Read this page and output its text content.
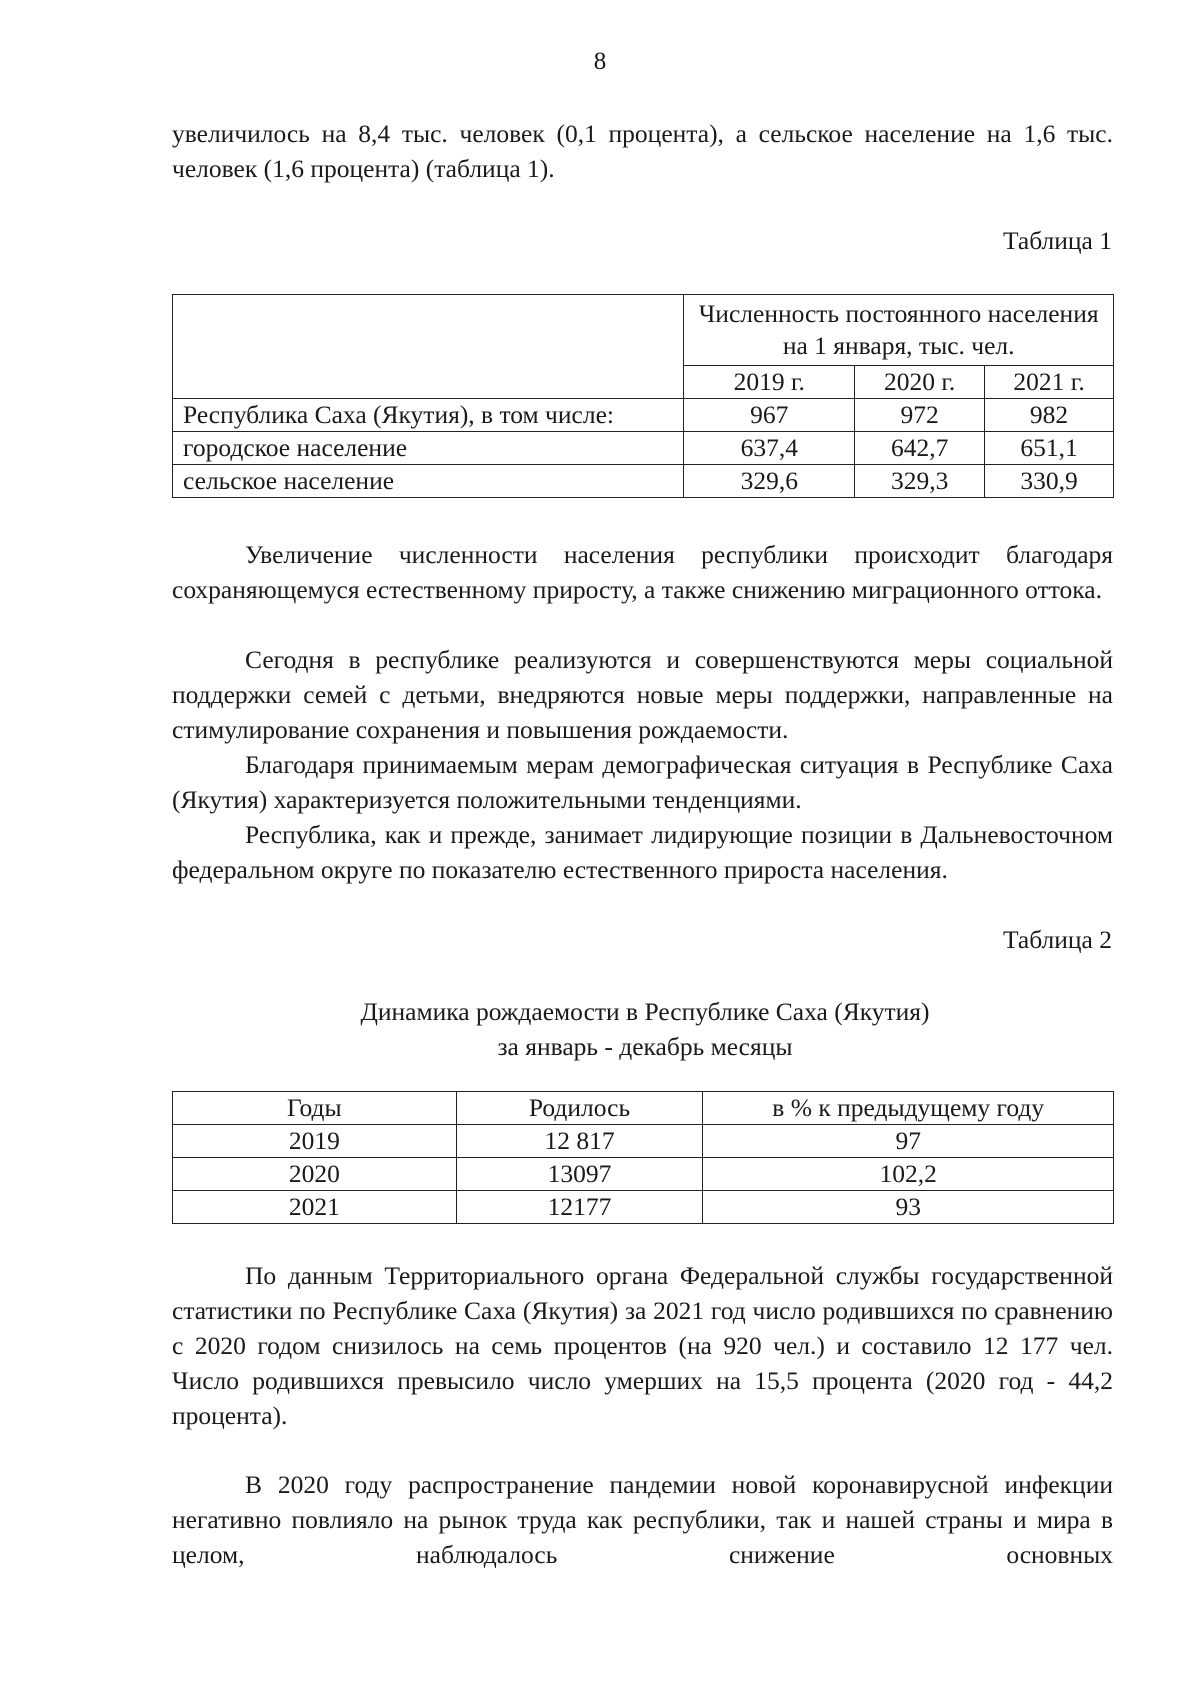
8

увеличилось на 8,4 тыс. человек (0,1 процента), а сельское население на 1,6 тыс. человек (1,6 процента) (таблица 1).

Таблица 1
	Численность постоянного населения на 1 января, тыс. чел.		
	2019 г.	2020 г.	2021 г.
Республика Саха (Якутия), в том числе:	967	972	982
городское население	637,4	642,7	651,1
сельское население	329,6	329,3	330,9

Увеличение численности населения республики происходит благодаря сохраняющемуся естественному приросту, а также снижению миграционного оттока.

Сегодня в республике реализуются и совершенствуются меры социальной поддержки семей с детьми, внедряются новые меры поддержки, направленные на стимулирование сохранения и повышения рождаемости.

Благодаря принимаемым мерам демографическая ситуация в Республике Саха (Якутия) характеризуется положительными тенденциями.

Республика, как и прежде, занимает лидирующие позиции в Дальневосточном федеральном округе по показателю естественного прироста населения.

Таблица 2
Динамика рождаемости в Республике Саха (Якутия)
за январь - декабрь месяцы
Годы	Родилось	в % к предыдущему году
2019	12 817	97
2020	13097	102,2
2021	12177	93

По данным Территориального органа Федеральной службы государственной статистики по Республике Саха (Якутия) за 2021 год число родившихся по сравнению с 2020 годом снизилось на семь процентов (на 920 чел.) и составило 12 177 чел. Число родившихся превысило число умерших на 15,5 процента (2020 год - 44,2 процента).

В 2020 году распространение пандемии новой коронавирусной инфекции негативно повлияло на рынок труда как республики, так и нашей страны и мира в целом, наблюдалось снижение основных
